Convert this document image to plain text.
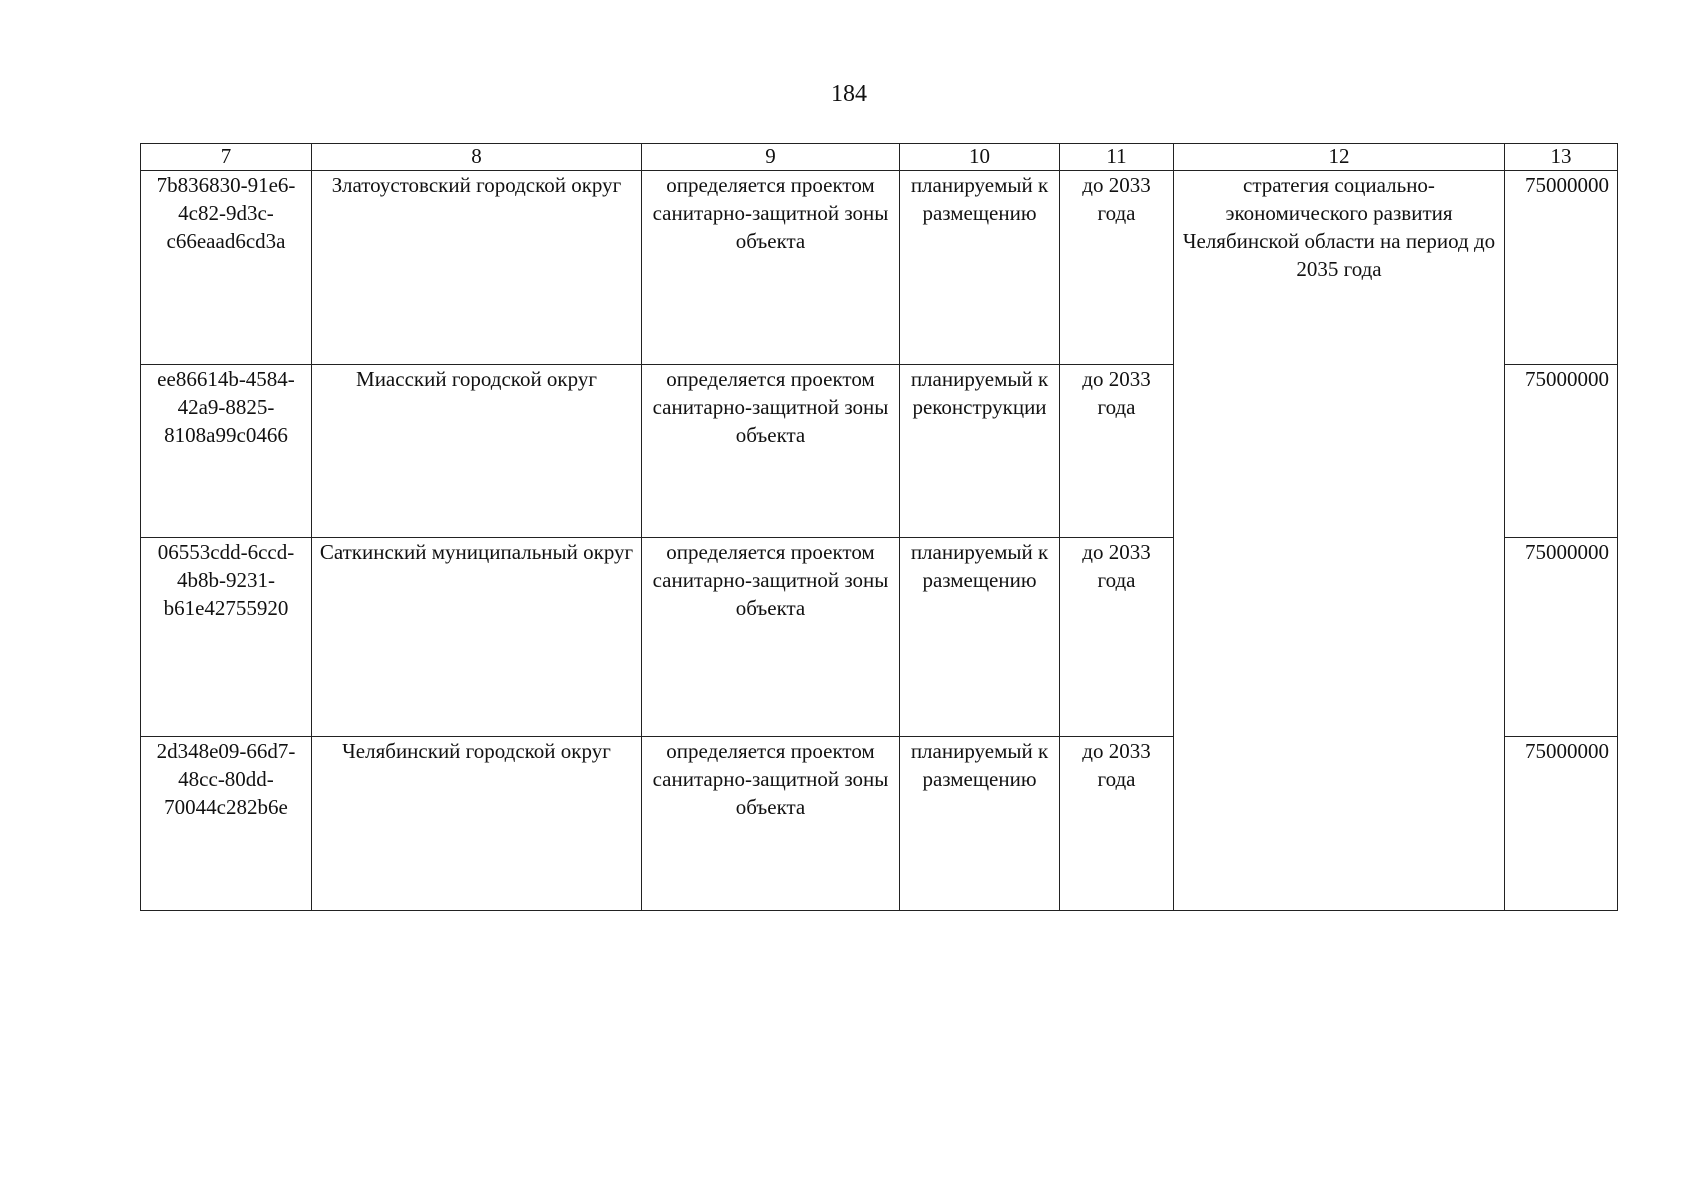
184
7	8	9	10	11	12	13
7b836830-91e6-4c82-9d3c-c66eaad6cd3a	Златоустовский городской округ	определяется проектом санитарно-защитной зоны объекта	планируемый к размещению	до 2033 года	стратегия социально-экономического развития Челябинской области на период до 2035 года	75000000
ee86614b-4584-42a9-8825-8108a99c0466	Миасский городской округ	определяется проектом санитарно-защитной зоны объекта	планируемый к реконструкции	до 2033 года		75000000
06553cdd-6ccd-4b8b-9231-b61e42755920	Саткинский муниципальный округ	определяется проектом санитарно-защитной зоны объекта	планируемый к размещению	до 2033 года		75000000
2d348e09-66d7-48cc-80dd-70044c282b6e	Челябинский городской округ	определяется проектом санитарно-защитной зоны объекта	планируемый к размещению	до 2033 года		75000000
